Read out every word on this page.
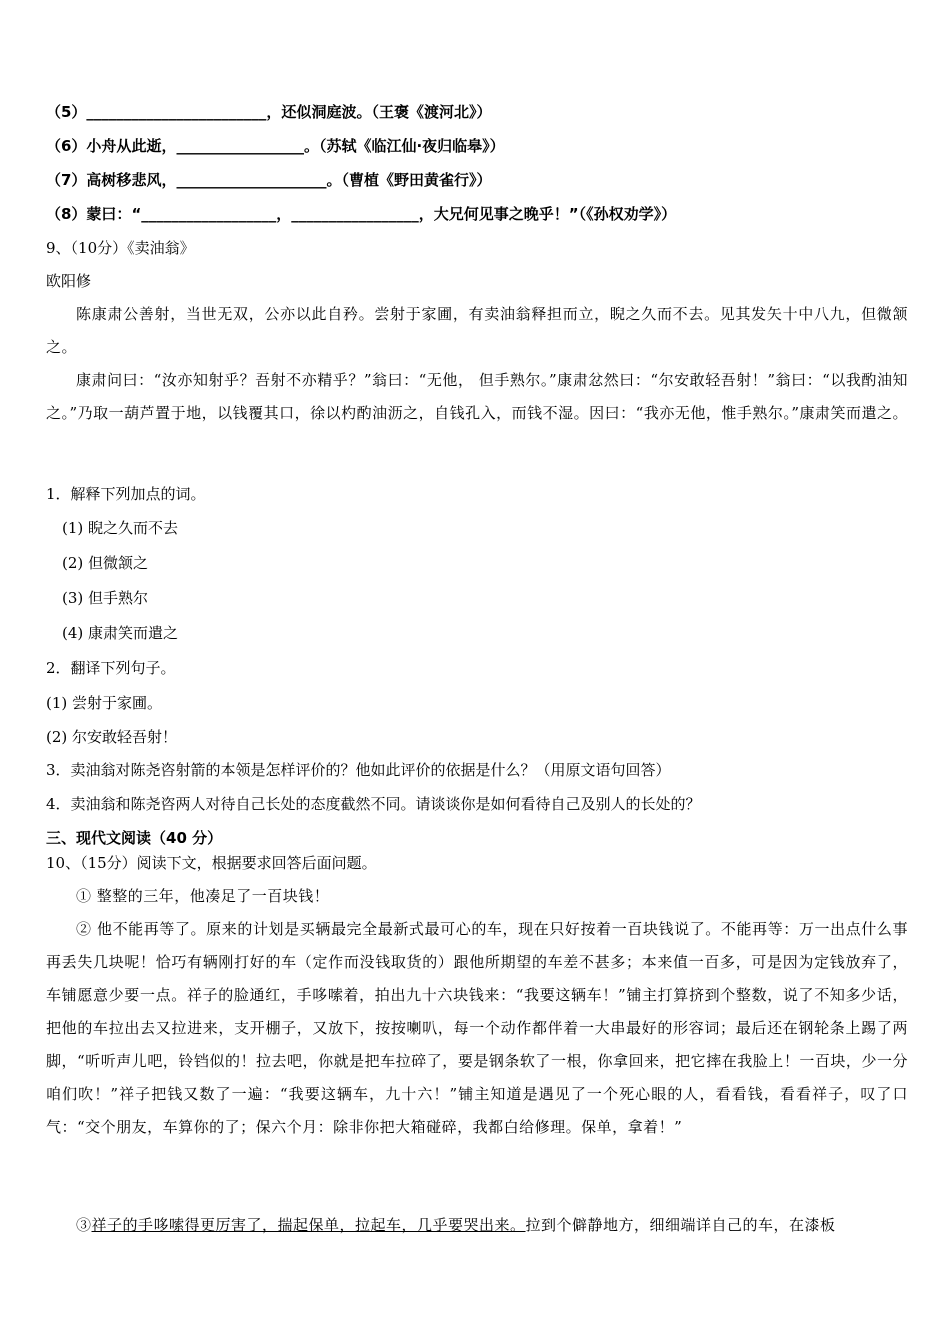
（5）________________________，还似洞庭波。（王褒《渡河北》）
（6）小舟从此逝，_________________。（苏轼《临江仙·夜归临皋》）
（7）高树移悲风，____________________。（曹植《野田黄雀行》）
（8）蒙曰：“__________________，_________________，大兄何见事之晚乎！”（《孙权劝学》）
9、（10分）《卖油翁》
欧阳修
陈康肃公善射，当世无双，公亦以此自矜。尝射于家圃，有卖油翁释担而立，睨之久而不去。见其发矢十中八九，但微颔之。
康肃问曰：“汝亦知射乎？吾射不亦精乎？”翁曰：“无他， 但手熟尔。”康肃忿然曰：“尔安敢轻吾射！”翁曰：“以我酌油知之。”乃取一葫芦置于地，以钱覆其口，徐以杓酌油沥之，自钱孔入，而钱不湿。因曰：“我亦无他，惟手熟尔。”康肃笑而遣之。
1．解释下列加点的词。
(1) 睨之久而不去
(2) 但微颔之
(3) 但手熟尔
(4) 康肃笑而遣之
2．翻译下列句子。
(1) 尝射于家圃。
(2) 尔安敢轻吾射！
3．卖油翁对陈尧咨射箭的本领是怎样评价的？他如此评价的依据是什么？（用原文语句回答）
4．卖油翁和陈尧咨两人对待自己长处的态度截然不同。请谈谈你是如何看待自己及别人的长处的？
三、现代文阅读（40 分）
10、（15分）阅读下文，根据要求回答后面问题。
① 整整的三年，他凑足了一百块钱！
② 他不能再等了。原来的计划是买辆最完全最新式最可心的车，现在只好按着一百块钱说了。不能再等：万一出点什么事再丢失几块呢！恰巧有辆刚打好的车（定作而没钱取货的）跟他所期望的车差不甚多；本来值一百多，可是因为定钱放弃了，车铺愿意少要一点。祥子的脸通红，手哆嗦着，拍出九十六块钱来：“我要这辆车！”铺主打算挤到个整数，说了不知多少话，把他的车拉出去又拉进来，支开棚子，又放下，按按喇叭，每一个动作都伴着一大串最好的形容词；最后还在钢轮条上踢了两脚，“听听声儿吧，铃铛似的！拉去吧，你就是把车拉碎了，要是钢条软了一根，你拿回来，把它摔在我脸上！一百块，少一分咱们吹！”祥子把钱又数了一遍：“我要这辆车，九十六！”铺主知道是遇见了一个死心眼的人，看看钱，看看祥子，叹了口气：“交个朋友，车算你的了；保六个月：除非你把大箱碰碎，我都白给修理。保单，拿着！”
③祥子的手哆嗦得更厉害了，揣起保单，拉起车，几乎要哭出来。拉到个僻静地方，细细端详自己的车，在漆板
